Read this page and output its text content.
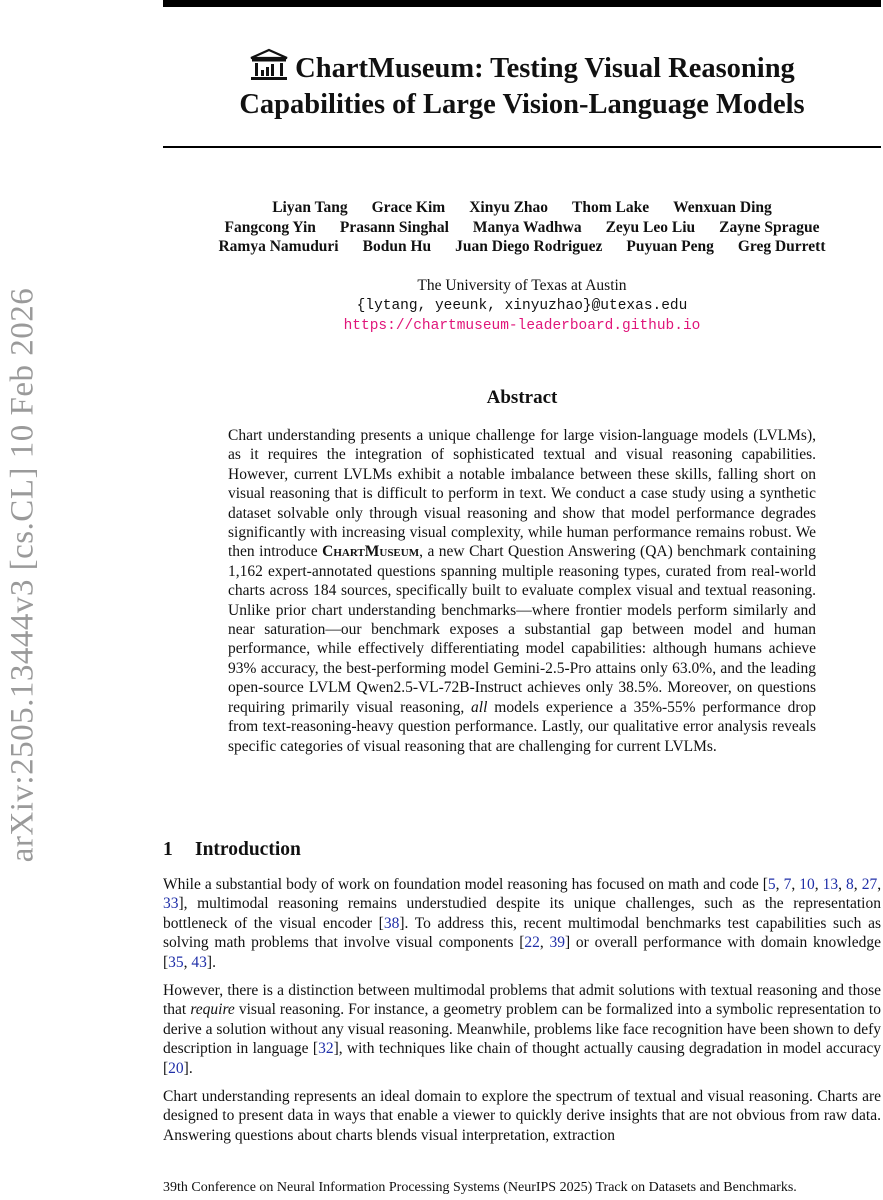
arXiv:2505.13444v3 [cs.CL] 10 Feb 2026
ChartMuseum: Testing Visual Reasoning
Capabilities of Large Vision-Language Models
Liyan Tang Grace Kim Xinyu Zhao Thom Lake Wenxuan Ding
Fangcong Yin Prasann Singhal Manya Wadhwa Zeyu Leo Liu Zayne Sprague
Ramya Namuduri Bodun Hu Juan Diego Rodriguez Puyuan Peng Greg Durrett
The University of Texas at Austin
{lytang, yeeunk, xinyuzhao}@utexas.edu
https://chartmuseum-leaderboard.github.io
Abstract
Chart understanding presents a unique challenge for large vision-language models (LVLMs), as it requires the integration of sophisticated textual and visual reasoning capabilities. However, current LVLMs exhibit a notable imbalance between these skills, falling short on visual reasoning that is difficult to perform in text. We conduct a case study using a synthetic dataset solvable only through visual reasoning and show that model performance degrades significantly with increasing visual complexity, while human performance remains robust. We then introduce ChartMuseum, a new Chart Question Answering (QA) benchmark containing 1,162 expert-annotated questions spanning multiple reasoning types, curated from real-world charts across 184 sources, specifically built to evaluate complex visual and textual reasoning. Unlike prior chart understanding benchmarks—where frontier models perform similarly and near saturation—our benchmark exposes a substantial gap between model and human performance, while effectively differentiating model capabilities: although humans achieve 93% accuracy, the best-performing model Gemini-2.5-Pro attains only 63.0%, and the leading open-source LVLM Qwen2.5-VL-72B-Instruct achieves only 38.5%. Moreover, on questions requiring primarily visual reasoning, all models experience a 35%-55% performance drop from text-reasoning-heavy question performance. Lastly, our qualitative error analysis reveals specific categories of visual reasoning that are challenging for current LVLMs.
1 Introduction

While a substantial body of work on foundation model reasoning has focused on math and code [5, 7, 10, 13, 8, 27, 33], multimodal reasoning remains understudied despite its unique challenges, such as the representation bottleneck of the visual encoder [38]. To address this, recent multimodal benchmarks test capabilities such as solving math problems that involve visual components [22, 39] or overall performance with domain knowledge [35, 43].

However, there is a distinction between multimodal problems that admit solutions with textual reasoning and those that require visual reasoning. For instance, a geometry problem can be formalized into a symbolic representation to derive a solution without any visual reasoning. Meanwhile, problems like face recognition have been shown to defy description in language [32], with techniques like chain of thought actually causing degradation in model accuracy [20].

Chart understanding represents an ideal domain to explore the spectrum of textual and visual reasoning. Charts are designed to present data in ways that enable a viewer to quickly derive insights that are not obvious from raw data. Answering questions about charts blends visual interpretation, extraction

39th Conference on Neural Information Processing Systems (NeurIPS 2025) Track on Datasets and Benchmarks.
